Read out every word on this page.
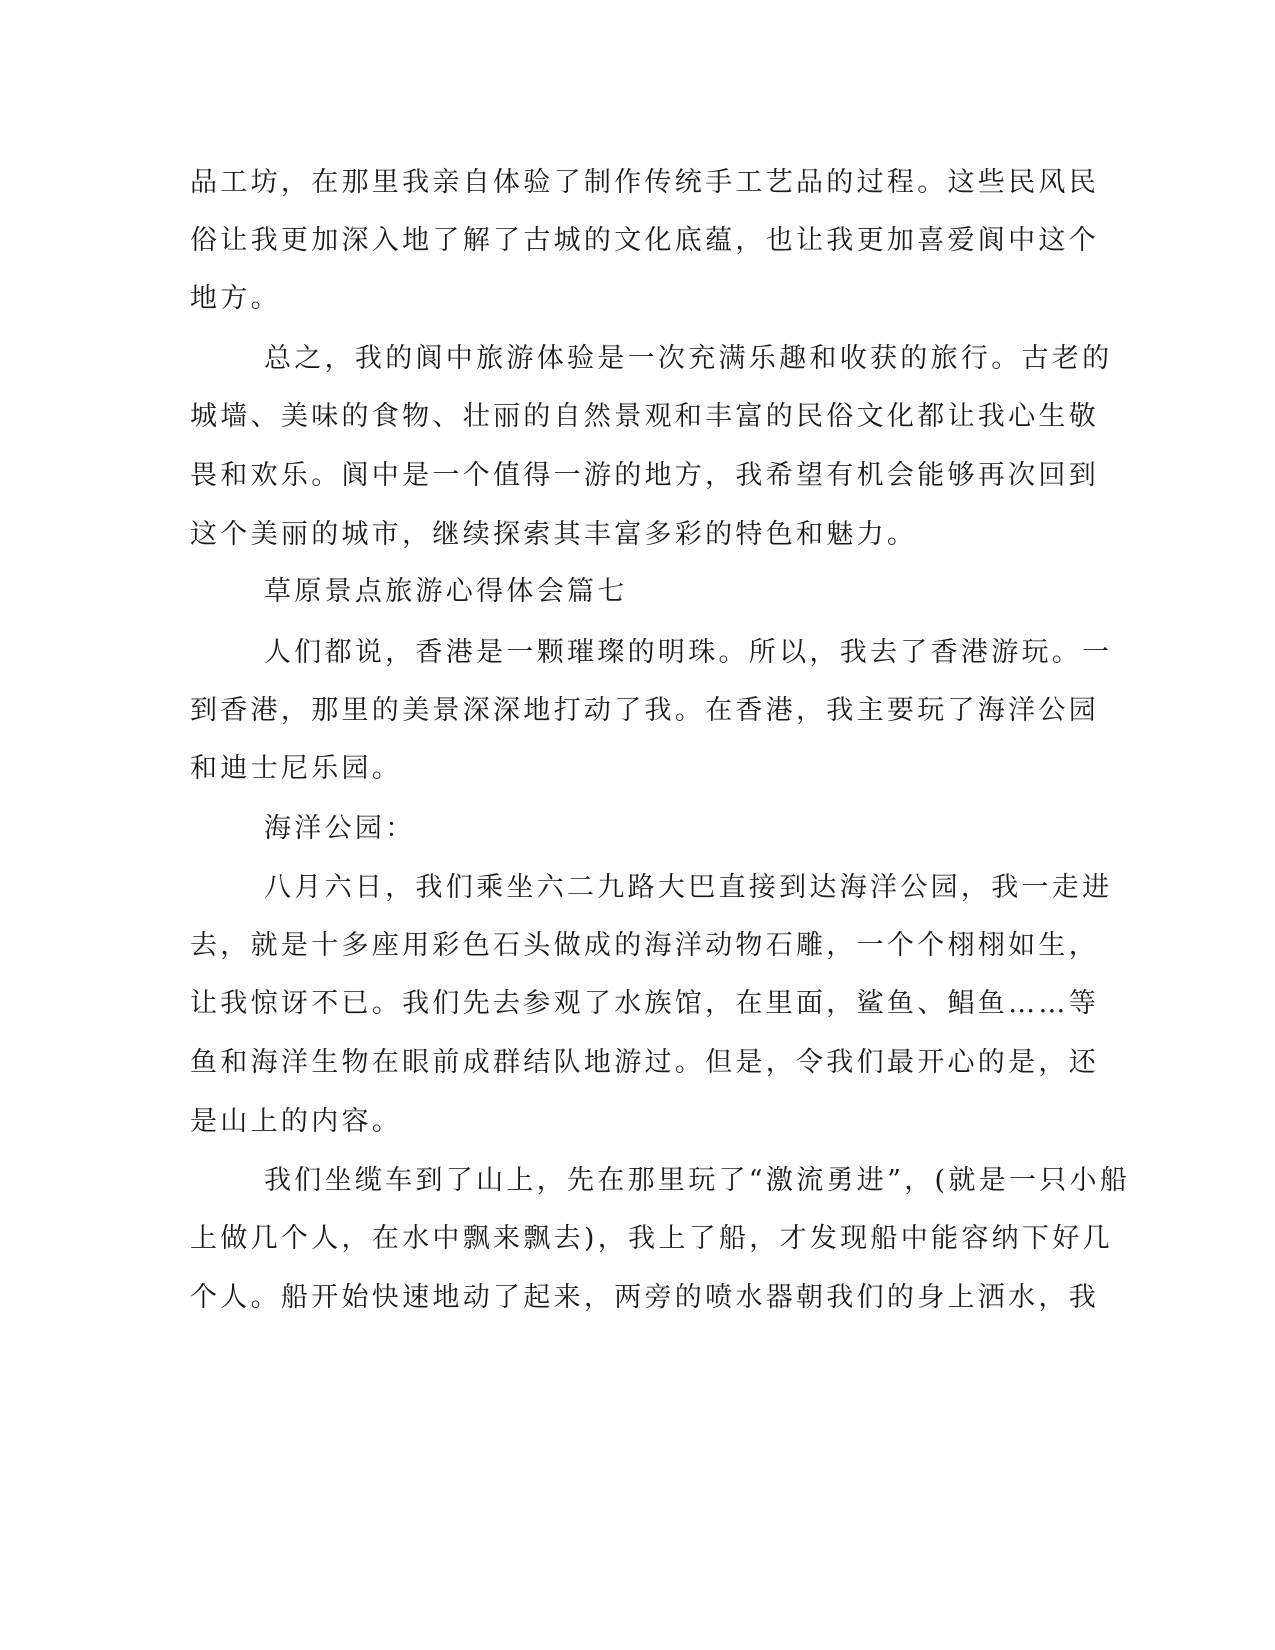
品工坊，在那里我亲自体验了制作传统手工艺品的过程。这些民风民
俗让我更加深入地了解了古城的文化底蕴，也让我更加喜爱阆中这个
地方。
总之，我的阆中旅游体验是一次充满乐趣和收获的旅行。古老的
城墙、美味的食物、壮丽的自然景观和丰富的民俗文化都让我心生敬
畏和欢乐。阆中是一个值得一游的地方，我希望有机会能够再次回到
这个美丽的城市，继续探索其丰富多彩的特色和魅力。
草原景点旅游心得体会篇七
人们都说，香港是一颗璀璨的明珠。所以，我去了香港游玩。一
到香港，那里的美景深深地打动了我。在香港，我主要玩了海洋公园
和迪士尼乐园。
海洋公园：
八月六日，我们乘坐六二九路大巴直接到达海洋公园，我一走进
去，就是十多座用彩色石头做成的海洋动物石雕，一个个栩栩如生，
让我惊讶不已。我们先去参观了水族馆，在里面，鲨鱼、鲳鱼……等
鱼和海洋生物在眼前成群结队地游过。但是，令我们最开心的是，还
是山上的内容。
我们坐缆车到了山上，先在那里玩了“激流勇进”，(就是一只小船
上做几个人，在水中飘来飘去)，我上了船，才发现船中能容纳下好几
个人。船开始快速地动了起来，两旁的喷水器朝我们的身上洒水，我
